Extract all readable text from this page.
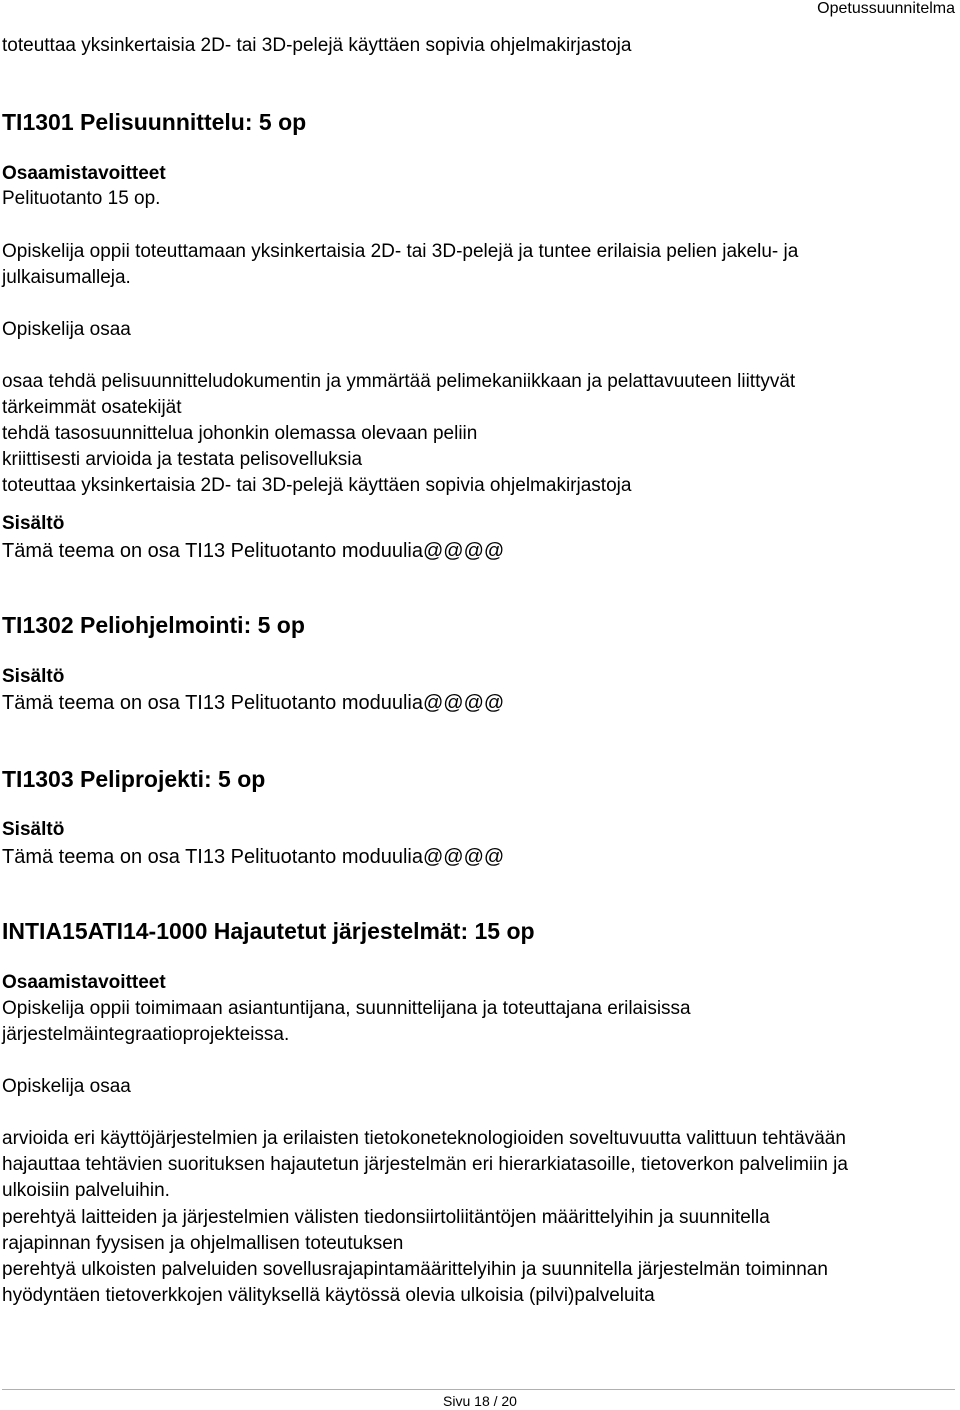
Opetussuunnitelma
toteuttaa yksinkertaisia 2D- tai 3D-pelejä käyttäen sopivia ohjelmakirjastoja
TI1301 Pelisuunnittelu: 5 op
Osaamistavoitteet
Pelituotanto 15 op.
Opiskelija oppii toteuttamaan yksinkertaisia 2D- tai 3D-pelejä ja tuntee erilaisia pelien jakelu- ja
julkaisumalleja.
Opiskelija osaa
osaa tehdä pelisuunnitteludokumentin ja ymmärtää pelimekaniikkaan ja pelattavuuteen liittyvät
tärkeimmät osatekijät
tehdä tasosuunnittelua johonkin olemassa olevaan peliin
kriittisesti arvioida ja testata pelisovelluksia
toteuttaa yksinkertaisia 2D- tai 3D-pelejä käyttäen sopivia ohjelmakirjastoja
Sisältö
Tämä teema on osa TI13 Pelituotanto moduulia@@@@
TI1302 Peliohjelmointi: 5 op
Sisältö
Tämä teema on osa TI13 Pelituotanto moduulia@@@@
TI1303 Peliprojekti: 5 op
Sisältö
Tämä teema on osa TI13 Pelituotanto moduulia@@@@
INTIA15ATI14-1000 Hajautetut järjestelmät: 15 op
Osaamistavoitteet
Opiskelija oppii toimimaan asiantuntijana, suunnittelijana ja toteuttajana erilaisissa
järjestelmäintegraatioprojekteissa.
Opiskelija osaa
arvioida eri käyttöjärjestelmien ja erilaisten tietokoneteknologioiden soveltuvuutta valittuun tehtävään
hajauttaa tehtävien suorituksen hajautetun järjestelmän eri hierarkiatasoille, tietoverkon palvelimiin ja
ulkoisiin palveluihin.
perehtyä laitteiden ja järjestelmien välisten tiedonsiirtoliitäntöjen määrittelyihin ja suunnitella
rajapinnan fyysisen ja ohjelmallisen toteutuksen
perehtyä ulkoisten palveluiden sovellusrajapintamäärittelyihin ja suunnitella järjestelmän toiminnan
hyödyntäen tietoverkkojen välityksellä käytössä olevia ulkoisia (pilvi)palveluita
Sivu 18 / 20
